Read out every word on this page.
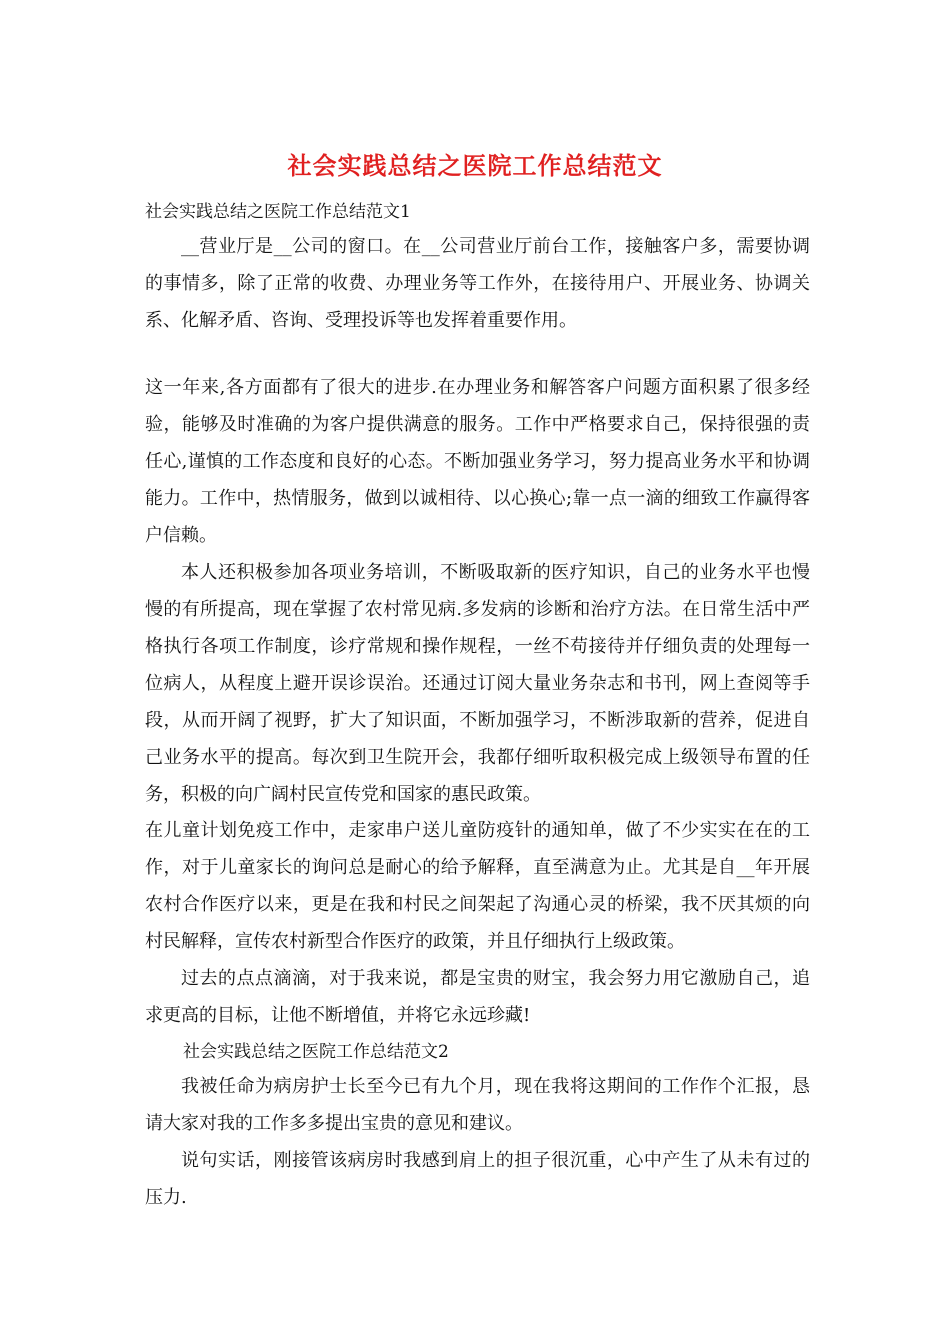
社会实践总结之医院工作总结范文
社会实践总结之医院工作总结范文1

__营业厅是__公司的窗口。在__公司营业厅前台工作，接触客户多，需要协调的事情多，除了正常的收费、办理业务等工作外，在接待用户、开展业务、协调关系、化解矛盾、咨询、受理投诉等也发挥着重要作用。

这一年来,各方面都有了很大的进步.在办理业务和解答客户问题方面积累了很多经验，能够及时准确的为客户提供满意的服务。工作中严格要求自己，保持很强的责任心,谨慎的工作态度和良好的心态。不断加强业务学习，努力提高业务水平和协调能力。工作中，热情服务，做到以诚相待、以心换心;靠一点一滴的细致工作赢得客户信赖。

本人还积极参加各项业务培训，不断吸取新的医疗知识，自己的业务水平也慢慢的有所提高，现在掌握了农村常见病.多发病的诊断和治疗方法。在日常生活中严格执行各项工作制度，诊疗常规和操作规程，一丝不苟接待并仔细负责的处理每一位病人，从程度上避开误诊误治。还通过订阅大量业务杂志和书刊，网上查阅等手段，从而开阔了视野，扩大了知识面，不断加强学习，不断涉取新的营养，促进自己业务水平的提高。每次到卫生院开会，我都仔细听取积极完成上级领导布置的任务，积极的向广阔村民宣传党和国家的惠民政策。

在儿童计划免疫工作中，走家串户送儿童防疫针的通知单，做了不少实实在在的工作，对于儿童家长的询问总是耐心的给予解释，直至满意为止。尤其是自__年开展农村合作医疗以来，更是在我和村民之间架起了沟通心灵的桥梁，我不厌其烦的向村民解释，宣传农村新型合作医疗的政策，并且仔细执行上级政策。

过去的点点滴滴，对于我来说，都是宝贵的财宝，我会努力用它激励自己，追求更高的目标，让他不断增值，并将它永远珍藏!

社会实践总结之医院工作总结范文2

我被任命为病房护士长至今已有九个月，现在我将这期间的工作作个汇报，恳请大家对我的工作多多提出宝贵的意见和建议。

说句实话，刚接管该病房时我感到肩上的担子很沉重，心中产生了从未有过的压力.
